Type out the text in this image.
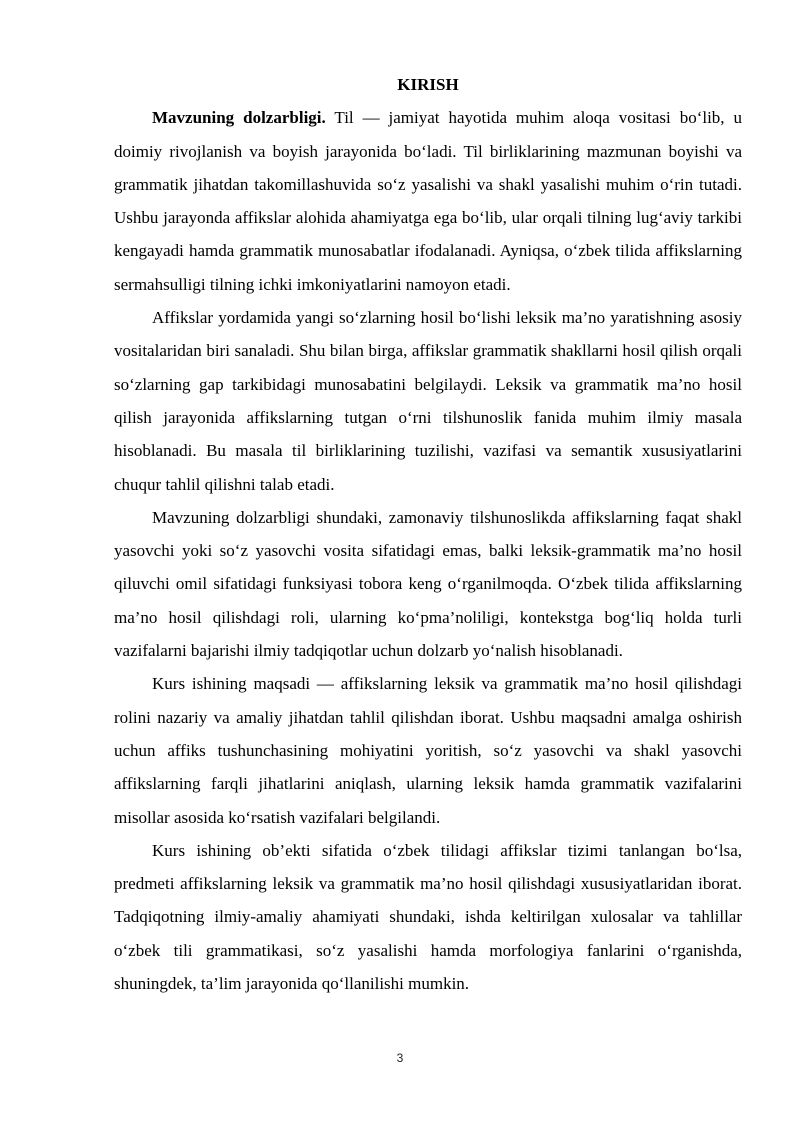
KIRISH

Mavzuning dolzarbligi. Til — jamiyat hayotida muhim aloqa vositasi bo‘lib, u doimiy rivojlanish va boyish jarayonida bo‘ladi. Til birliklarining mazmunan boyishi va grammatik jihatdan takomillashuvida so‘z yasalishi va shakl yasalishi muhim o‘rin tutadi. Ushbu jarayonda affikslar alohida ahamiyatga ega bo‘lib, ular orqali tilning lug‘aviy tarkibi kengayadi hamda grammatik munosabatlar ifodalanadi. Ayniqsa, o‘zbek tilida affikslarning sermahsulligi tilning ichki imkoniyatlarini namoyon etadi.

Affikslar yordamida yangi so‘zlarning hosil bo‘lishi leksik ma’no yaratishning asosiy vositalaridan biri sanaladi. Shu bilan birga, affikslar grammatik shakllarni hosil qilish orqali so‘zlarning gap tarkibidagi munosabatini belgilaydi. Leksik va grammatik ma’no hosil qilish jarayonida affikslarning tutgan o‘rni tilshunoslik fanida muhim ilmiy masala hisoblanadi. Bu masala til birliklarining tuzilishi, vazifasi va semantik xususiyatlarini chuqur tahlil qilishni talab etadi.

Mavzuning dolzarbligi shundaki, zamonaviy tilshunoslikda affikslarning faqat shakl yasovchi yoki so‘z yasovchi vosita sifatidagi emas, balki leksik-grammatik ma’no hosil qiluvchi omil sifatidagi funksiyasi tobora keng o‘rganilmoqda. O‘zbek tilida affikslarning ma’no hosil qilishdagi roli, ularning ko‘pma’noliligi, kontekstga bog‘liq holda turli vazifalarni bajarishi ilmiy tadqiqotlar uchun dolzarb yo‘nalish hisoblanadi.

Kurs ishining maqsadi — affikslarning leksik va grammatik ma’no hosil qilishdagi rolini nazariy va amaliy jihatdan tahlil qilishdan iborat. Ushbu maqsadni amalga oshirish uchun affiks tushunchasining mohiyatini yoritish, so‘z yasovchi va shakl yasovchi affikslarning farqli jihatlarini aniqlash, ularning leksik hamda grammatik vazifalarini misollar asosida ko‘rsatish vazifalari belgilandi.

Kurs ishining ob’ekti sifatida o‘zbek tilidagi affikslar tizimi tanlangan bo‘lsa, predmeti affikslarning leksik va grammatik ma’no hosil qilishdagi xususiyatlaridan iborat. Tadqiqotning ilmiy-amaliy ahamiyati shundaki, ishda keltirilgan xulosalar va tahlillar o‘zbek tili grammatikasi, so‘z yasalishi hamda morfologiya fanlarini o‘rganishda, shuningdek, ta’lim jarayonida qo‘llanilishi mumkin.

3
